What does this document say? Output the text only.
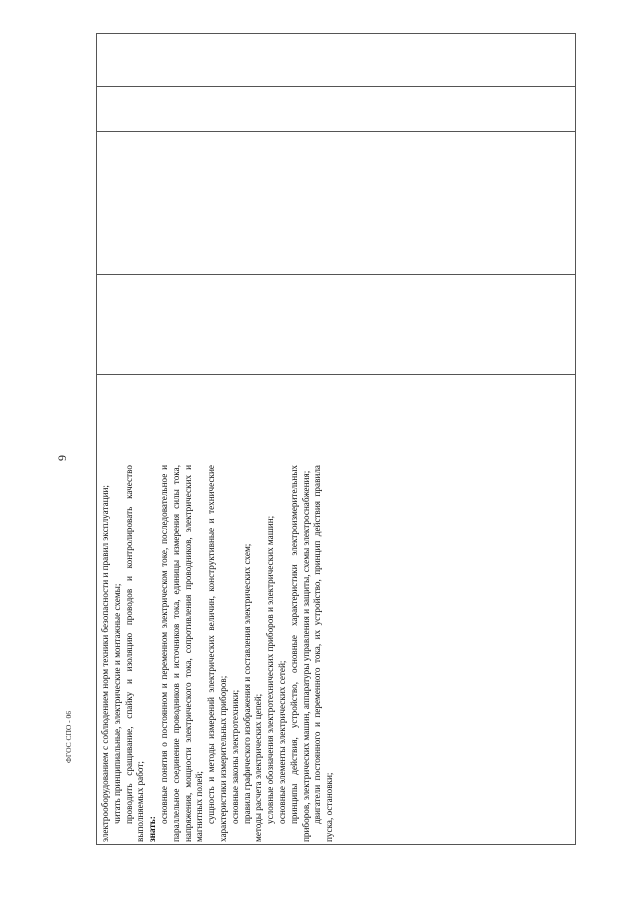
9

электрооборудованием с соблюдением норм техники безопасности и правил эксплуатации; читать принципиальные, электрические и монтажные схемы; проводить сращивание, спайку и изоляцию проводов и контролировать качество выполняемых работ; знать:

основные понятия о постоянном и переменном электрическом токе, последовательное и параллельное соединение проводников и источников тока, единицы измерения силы тока, напряжения, мощности электрического тока, сопротивления проводников, электрических и магнитных полей; сущность и методы измерений электрических величин, конструктивные и технические характеристики измерительных приборов; основные законы электротехники; правила графического изображения и составления электрических схем; методы расчета электрических цепей; условные обозначения электротехнических приборов и электрических машин; основные элементы электрических сетей; принципы действия, устройство, основные характеристики электроизмерительных приборов, электрических машин, аппаратуры управления и защиты, схемы электроснабжения; двигатели постоянного и переменного тока, их устройство, принцип действия правила пуска, остановки;

ФГОС СПО - 06
